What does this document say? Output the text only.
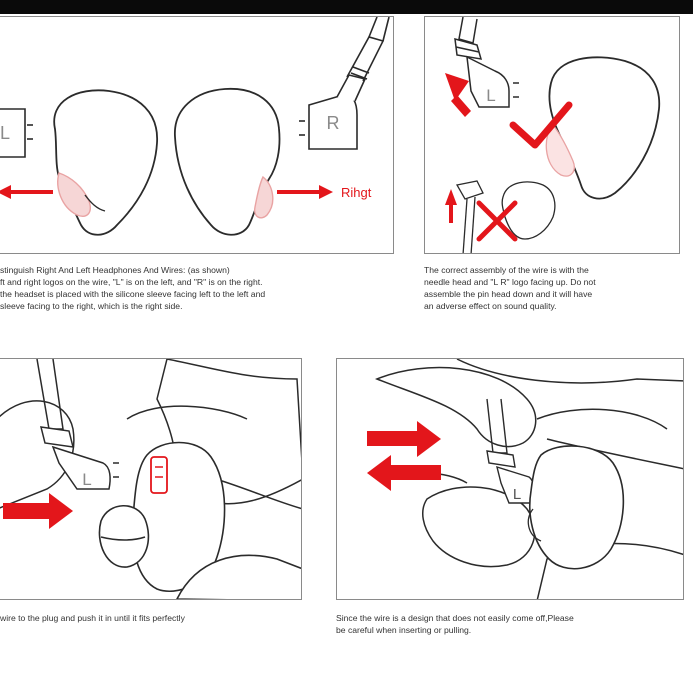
R
L
Rihgt
L
stinguish Right And Left Headphones And Wires: (as shown)
ft and right logos on the wire, "L" is on the left, and "R" is on the right.
the headset is placed with the silicone sleeve facing left to the left and
sleeve facing to the right, which is the right side.
The correct assembly of the wire is with the
needle head and "L R" logo facing up. Do not
assemble the pin head down and it will have
an adverse effect on sound quality.
L
L
wire to the plug and push it in until it fits perfectly	Since the wire is a design that does not easily come off,Please
be careful when inserting or pulling.
